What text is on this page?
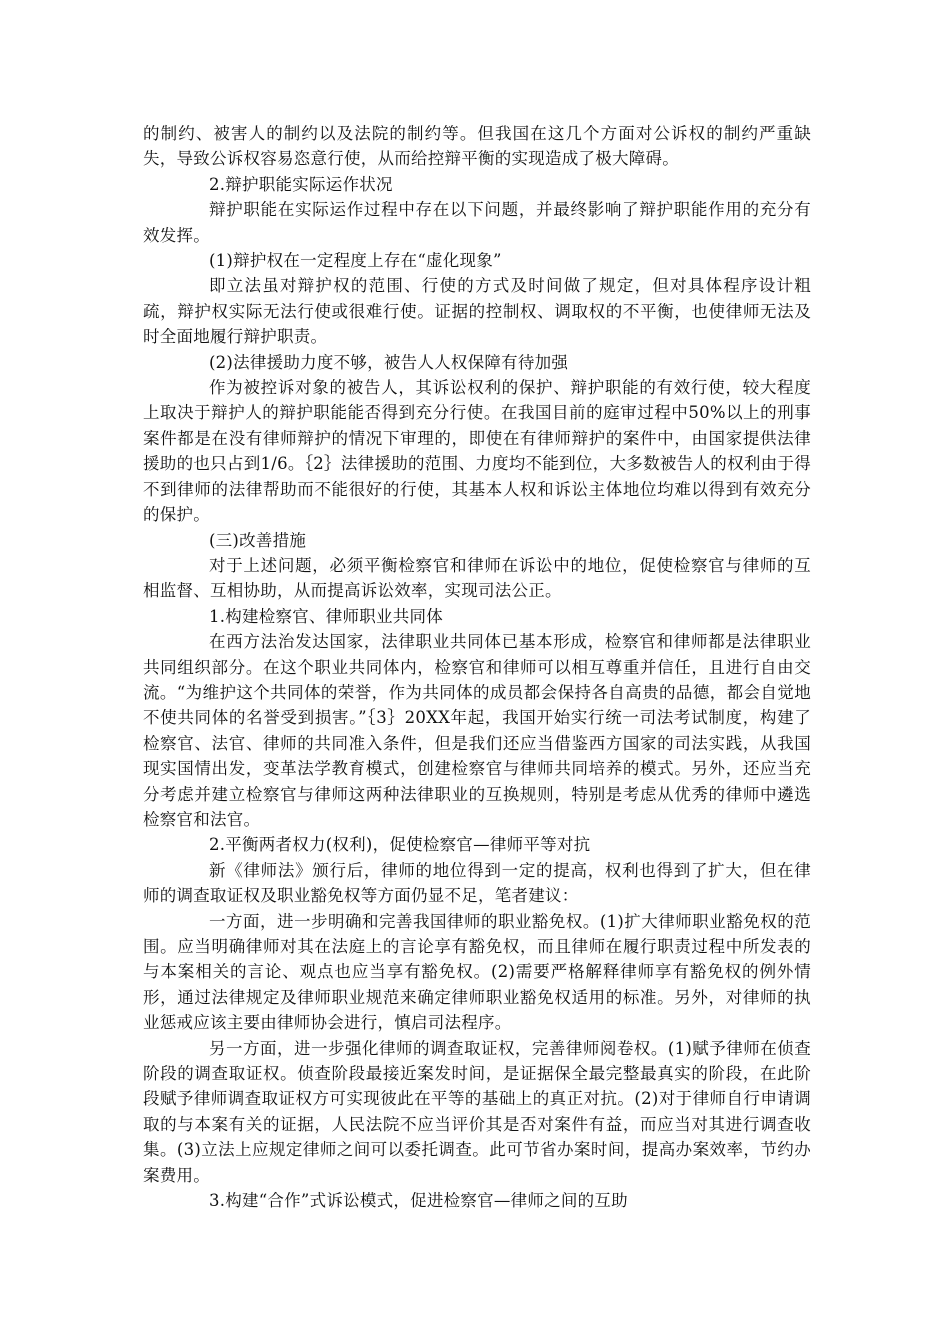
的制约、被害人的制约以及法院的制约等。但我国在这几个方面对公诉权的制约严重缺失，导致公诉权容易恣意行使，从而给控辩平衡的实现造成了极大障碍。

2.辩护职能实际运作状况

辩护职能在实际运作过程中存在以下问题，并最终影响了辩护职能作用的充分有效发挥。

(1)辩护权在一定程度上存在“虚化现象”

即立法虽对辩护权的范围、行使的方式及时间做了规定，但对具体程序设计粗疏，辩护权实际无法行使或很难行使。证据的控制权、调取权的不平衡，也使律师无法及时全面地履行辩护职责。

(2)法律援助力度不够，被告人人权保障有待加强

作为被控诉对象的被告人，其诉讼权利的保护、辩护职能的有效行使，较大程度上取决于辩护人的辩护职能能否得到充分行使。在我国目前的庭审过程中50%以上的刑事案件都是在没有律师辩护的情况下审理的，即使在有律师辩护的案件中，由国家提供法律援助的也只占到1/6。｛2｝法律援助的范围、力度均不能到位，大多数被告人的权利由于得不到律师的法律帮助而不能很好的行使，其基本人权和诉讼主体地位均难以得到有效充分的保护。

(三)改善措施

对于上述问题，必须平衡检察官和律师在诉讼中的地位，促使检察官与律师的互相监督、互相协助，从而提高诉讼效率，实现司法公正。

1.构建检察官、律师职业共同体

在西方法治发达国家，法律职业共同体已基本形成，检察官和律师都是法律职业共同组织部分。在这个职业共同体内，检察官和律师可以相互尊重并信任，且进行自由交流。“为维护这个共同体的荣誉，作为共同体的成员都会保持各自高贵的品德，都会自觉地不使共同体的名誉受到损害。”｛3｝20XX年起，我国开始实行统一司法考试制度，构建了检察官、法官、律师的共同准入条件，但是我们还应当借鉴西方国家的司法实践，从我国现实国情出发，变革法学教育模式，创建检察官与律师共同培养的模式。另外，还应当充分考虑并建立检察官与律师这两种法律职业的互换规则，特别是考虑从优秀的律师中遴选检察官和法官。

2.平衡两者权力(权利)，促使检察官—律师平等对抗

新《律师法》颁行后，律师的地位得到一定的提高，权利也得到了扩大，但在律师的调查取证权及职业豁免权等方面仍显不足，笔者建议：

一方面，进一步明确和完善我国律师的职业豁免权。(1)扩大律师职业豁免权的范围。应当明确律师对其在法庭上的言论享有豁免权，而且律师在履行职责过程中所发表的与本案相关的言论、观点也应当享有豁免权。(2)需要严格解释律师享有豁免权的例外情形，通过法律规定及律师职业规范来确定律师职业豁免权适用的标准。另外，对律师的执业惩戒应该主要由律师协会进行，慎启司法程序。

另一方面，进一步强化律师的调查取证权，完善律师阅卷权。(1)赋予律师在侦查阶段的调查取证权。侦查阶段最接近案发时间，是证据保全最完整最真实的阶段，在此阶段赋予律师调查取证权方可实现彼此在平等的基础上的真正对抗。(2)对于律师自行申请调取的与本案有关的证据，人民法院不应当评价其是否对案件有益，而应当对其进行调查收集。(3)立法上应规定律师之间可以委托调查。此可节省办案时间，提高办案效率，节约办案费用。

3.构建“合作”式诉讼模式，促进检察官—律师之间的互助
